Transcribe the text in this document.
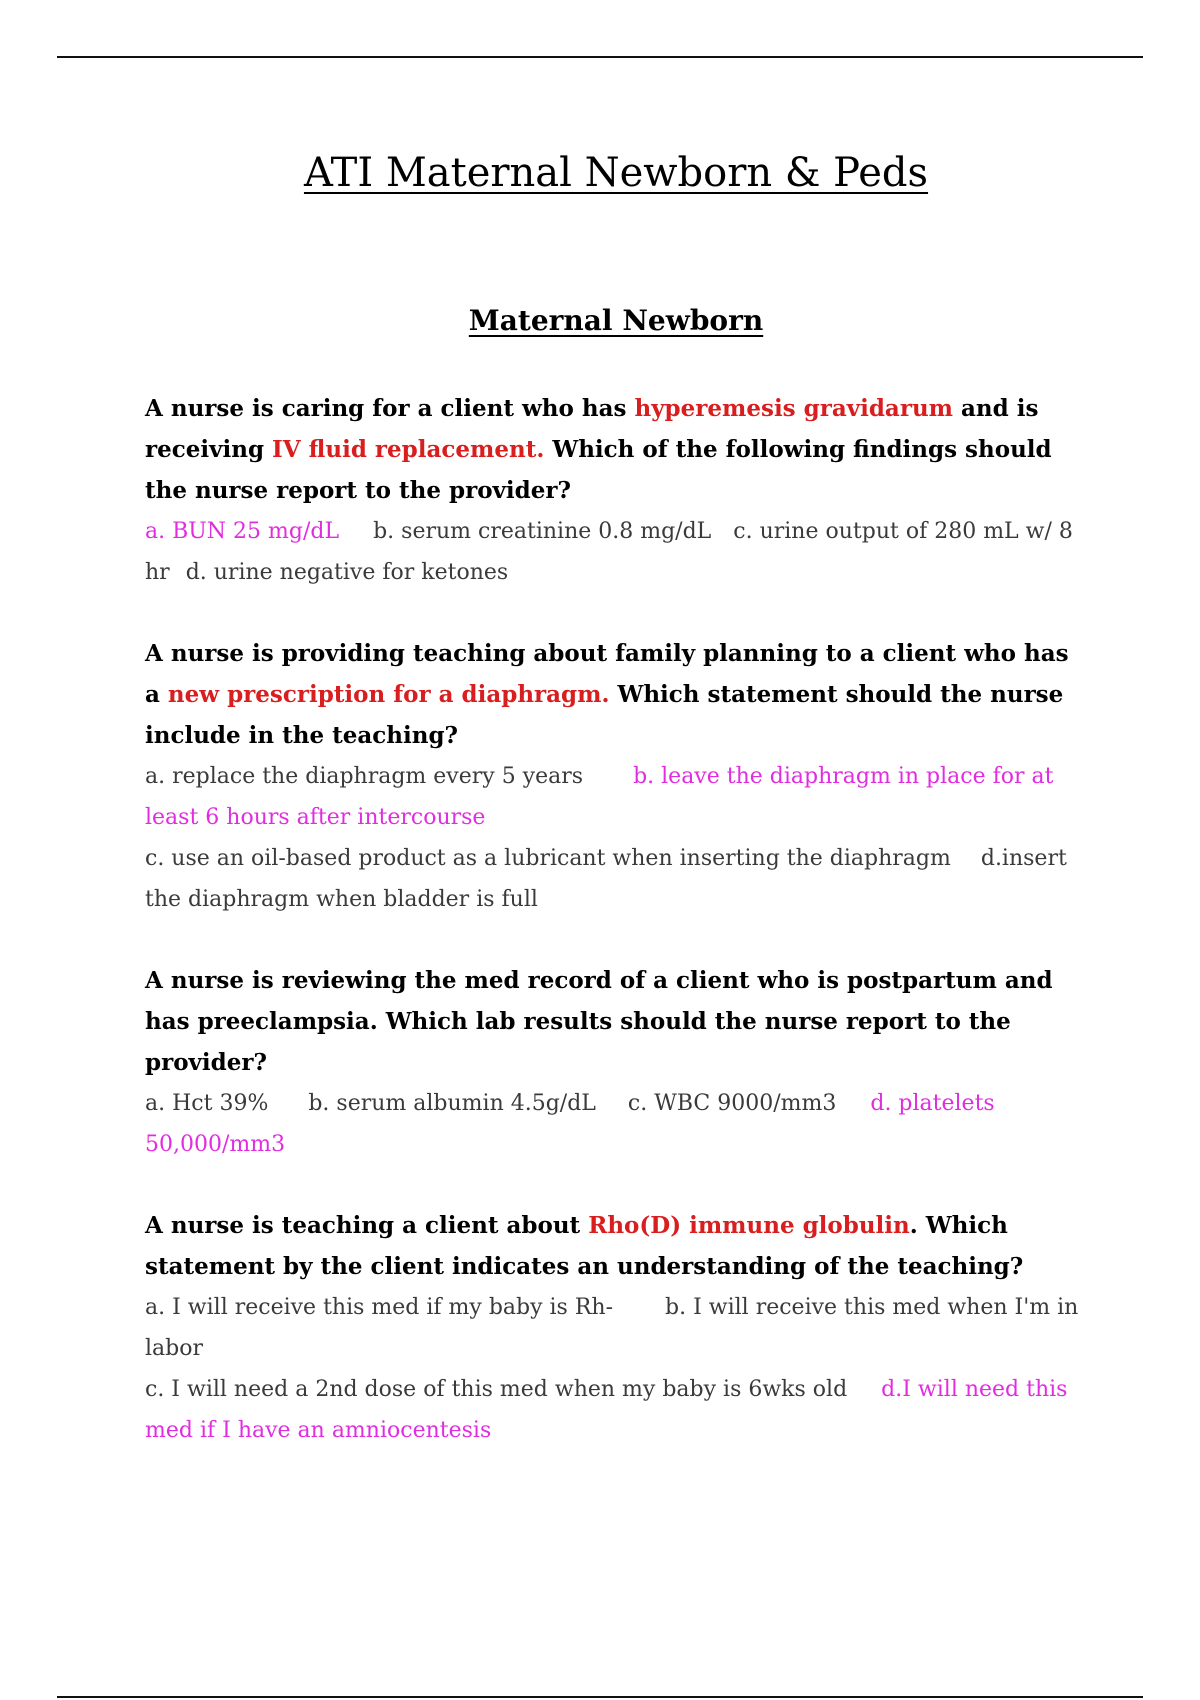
ATI Maternal Newborn & Peds
Maternal Newborn

A nurse is caring for a client who has hyperemesis gravidarum and is receiving IV fluid replacement. Which of the following findings should the nurse report to the provider?

a. BUN 25 mg/dL b. serum creatinine 0.8 mg/dL c. urine output of 280 mL w/ 8 hr d. urine negative for ketones

A nurse is providing teaching about family planning to a client who has a new prescription for a diaphragm. Which statement should the nurse include in the teaching?

a. replace the diaphragm every 5 years b. leave the diaphragm in place for at least 6 hours after intercourse

c. use an oil-based product as a lubricant when inserting the diaphragm d.insert the diaphragm when bladder is full

A nurse is reviewing the med record of a client who is postpartum and has preeclampsia. Which lab results should the nurse report to the provider?

a. Hct 39% b. serum albumin 4.5g/dL c. WBC 9000/mm3 d. platelets 50,000/mm3

A nurse is teaching a client about Rho(D) immune globulin. Which statement by the client indicates an understanding of the teaching?

a. I will receive this med if my baby is Rh- b. I will receive this med when I'm in labor

c. I will need a 2nd dose of this med when my baby is 6wks old d.I will need this med if I have an amniocentesis
